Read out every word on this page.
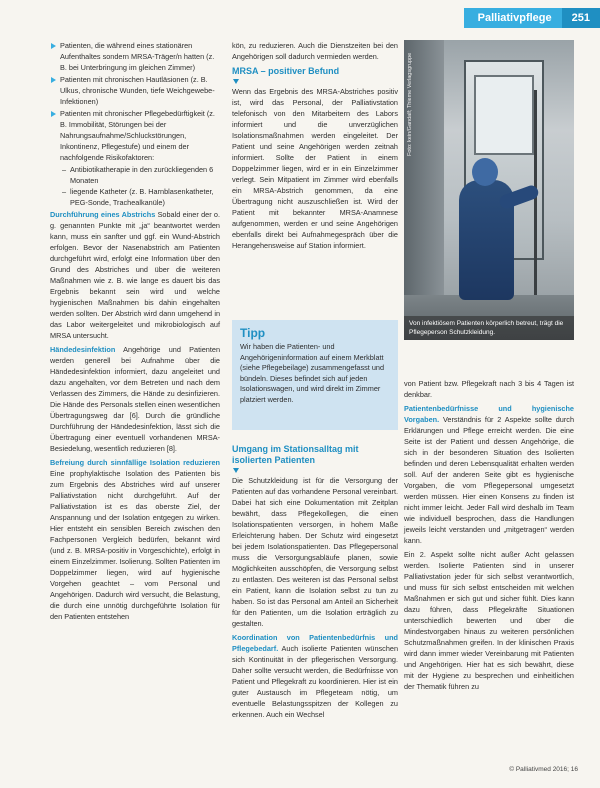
Palliativpflege	251
Patienten, die während eines stationären Aufenthaltes sondern MRSA-Träger/n hatten (z. B. bei Unterbringung im gleichen Zimmer)
Patienten mit chronischen Hautläsionen (z. B. Ulkus, chronische Wunden, tiefe Weichgewebe-Infektionen)
Patienten mit chronischer Pflegebedürftigkeit (z. B. Immobilität, Störungen bei der Nahrungsaufnahme/Schluckstörungen, Inkontinenz, Pflegestufe) und einem der nachfolgende Risikofaktoren:
– Antibiotikatherapie in den zurückliegenden 6 Monaten
– liegende Katheter (z. B. Harnblasenkatheter, PEG-Sonde, Trachealkanüle)

Durchführung eines Abstrichs Sobald einer der o. g. genannten Punkte mit „ja“ beantwortet werden kann, muss ein sanfter und ggf. ein Wund-Abstrich erfolgen. Bevor der Nasenabstrich am Patienten durchgeführt wird, erfolgt eine Information über den Grund des Abstriches und über die weiteren Maßnahmen wie z. B. wie lange es dauert bis das Ergebnis bekannt sein wird und welche hygienischen Maßnahmen bis dahin eingehalten werden sollten. Der Abstrich wird dann umgehend in das Labor weitergeleitet und mikrobiologisch auf MRSA untersucht.

Händedesinfektion Angehörige und Patienten werden generell bei Aufnahme über die Händedesinfektion informiert, dazu angeleitet und dazu angehalten, vor dem Betreten und nach dem Verlassen des Zimmers, die Hände zu desinfizieren. Die Hände des Personals stellen einen wesentlichen Übertragungsweg dar [6]. Durch die gründliche Durchführung der Händedesinfektion, lässt sich die Übertragung einer eventuell vorhandenen MRSA-Besiedelung, wesentlich reduzieren [8].

Befreiung durch sinnfällige Isolation reduzieren Eine prophylaktische Isolation des Patienten bis zum Ergebnis des Abstriches wird auf unserer Palliativstation nicht durchgeführt. Auf der Palliativstation ist es das oberste Ziel, der Anspannung und der Isolation entgegen zu wirken. Hier entsteht ein sensiblen Bereich zwischen den Fachpersonen Vergleich bedürfen, bekannt wird (und z. B. MRSA-positiv in Vorgeschichte), erfolgt in einem Einzelzimmer. Isolierung. Sollten Patienten im Doppelzimmer liegen, wird auf hygienische Vorgehen geachtet – vom Personal und Angehörigen. Dadurch wird versucht, die Belastung, die durch eine unnötig durchgeführte Isolation für den Patienten entstehen

kön, zu reduzieren. Auch die Dienstzeiten bei den Angehörigen soll dadurch vermieden werden.

MRSA – positiver Befund

Wenn das Ergebnis des MRSA-Abstriches positiv ist, wird das Personal, der Palliativstation telefonisch von den Mitarbeitern des Labors informiert und die unverzüglichen Isolationsmaßnahmen werden eingeleitet. Der Patient und seine Angehörigen werden zeitnah informiert. Sollte der Patient in einem Doppelzimmer liegen, wird er in ein Einzelzimmer verlegt. Sein Mitpatient im Zimmer wird ebenfalls ein MRSA-Abstrich genommen, da eine Übertragung nicht auszuschließen ist. Wird der Patient mit bekannter MRSA-Anamnese aufgenommen, werden er und seine Angehörigen ebenfalls direkt bei Aufnahmegespräch über die Herangehensweise auf Station informiert.

Tipp
Wir haben die Patienten- und Angehörigeninformation auf einem Merkblatt (siehe Pflegebeilage) zusammengefasst und bündeln. Dieses befindet sich auf jeden Isolationswagen, und wird direkt im Zimmer platziert werden.
Umgang im Stationsalltag mit isolierten Patienten

Die Schutzkleidung ist für die Versorgung der Patienten auf das vorhandene Personal vereinbart. Dabei hat sich eine Dokumentation mit Zeitplan bewährt, dass Pflegekollegen, die einen Isolationspatienten versorgen, in hohem Maße Erleichterung haben. Der Schutz wird eingesetzt bei jedem Isolationspatienten. Das Pflegepersonal muss die Versorgungsabläufe planen, sowie Möglichkeiten ausschöpfen, die Versorgung selbst zu entlasten. Des weiteren ist das Personal selbst ein Patient, kann die Isolation selbst zu tun zu haben. So ist das Personal am Anteil an Sicherheit für den Patienten, um die Isolation erträglich zu gestalten.

Koordination von Patientenbedürfnis und Pflegebedarf. Auch isolierte Patienten wünschen sich Kontinuität in der pflegerischen Versorgung. Daher sollte versucht werden, die Bedürfnisse von Patient und Pflegekraft zu koordinieren. Hier ist ein guter Austausch im Pflegeteam nötig, um eventuelle Belastungsspitzen der Kollegen zu erkennen. Auch ein Wechsel

Von infektiösem Patienten körperlich betreut, trägt die Pflegeperson Schutzkleidung.
Foto: kein/Gandalf; Thieme Verlagsgruppe

von Patient bzw. Pflegekraft nach 3 bis 4 Tagen ist denkbar.

Patientenbedürfnisse und hygienische Vorgaben. Verständnis für 2 Aspekte sollte durch Erklärungen und Pflege erreicht werden. Die eine Seite ist der Patient und dessen Angehörige, die sich in der besonderen Situation des Isolierten befinden und deren Lebensqualität erhalten werden soll. Auf der anderen Seite gibt es hygienische Vorgaben, die vom Pflegepersonal umgesetzt werden müssen. Hier einen Konsens zu finden ist nicht immer leicht. Jeder Fall wird deshalb im Team wie individuell besprochen, dass die Handlungen jeweils leicht verstanden und „mitgetragen“ werden kann.

Ein 2. Aspekt sollte nicht außer Acht gelassen werden. Isolierte Patienten sind in unserer Palliativstation jeder für sich selbst verantwortlich, und muss für sich selbst entscheiden mit welchen Maßnahmen er sich gut und sicher fühlt. Dies kann dazu führen, dass Pflegekräfte Situationen unterschiedlich bewerten und über die Mindestvorgaben hinaus zu weiteren persönlichen Schutzmaßnahmen greifen. In der klinischen Praxis wird dann immer wieder Vereinbarung mit Patienten und Angehörigen. Hier hat es sich bewährt, diese mit der Hygiene zu besprechen und einheitlichen der Thematik führen zu

© Palliativmed 2016; 16
